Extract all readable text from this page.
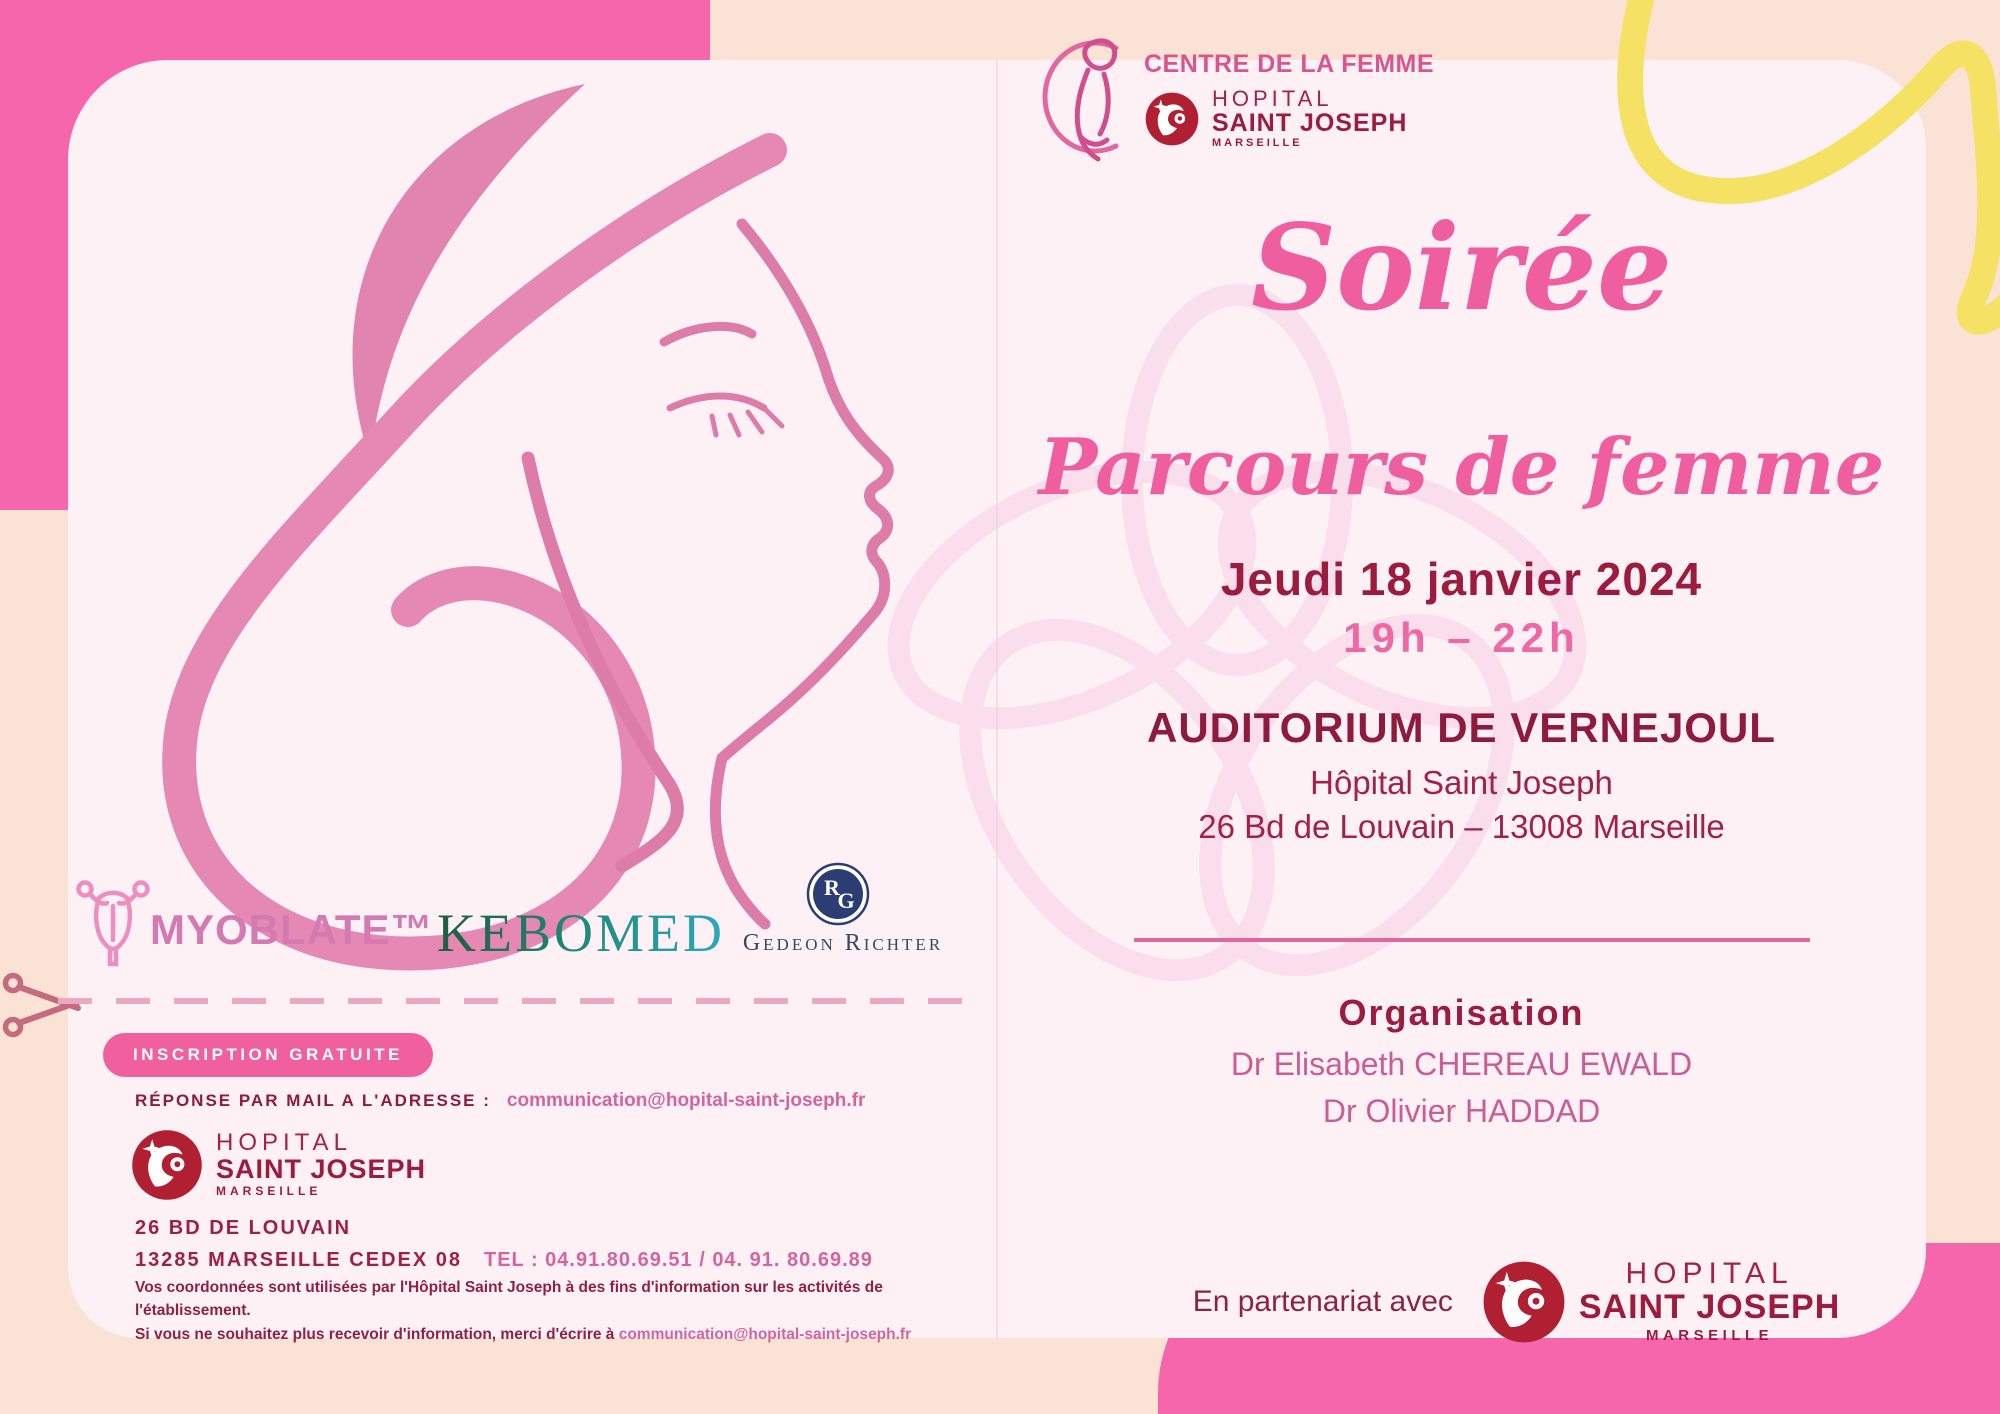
MYOBLATE™ KEBOMED
R
G
Gedeon Richter
INSCRIPTION GRATUITE
RÉPONSE PAR MAIL A L'ADRESSE : communication@hopital-saint-joseph.fr
HOPITAL
SAINT JOSEPH
MARSEILLE
26 BD DE LOUVAIN
13285 MARSEILLE CEDEX 08 TEL : 04.91.80.69.51 / 04. 91. 80.69.89
Vos coordonnées sont utilisées par l'Hôpital Saint Joseph à des fins d'information sur les activités de l'établissement.
Si vous ne souhaitez plus recevoir d'information, merci d'écrire à communication@hopital-saint-joseph.fr
CENTRE DE LA FEMME
HOPITAL
SAINT JOSEPH
MARSEILLE
Soirée
Parcours de femme
Jeudi 18 janvier 2024
19h – 22h
AUDITORIUM DE VERNEJOUL
Hôpital Saint Joseph
26 Bd de Louvain – 13008 Marseille
Organisation
Dr Elisabeth CHEREAU EWALD
Dr Olivier HADDAD
En partenariat avec
HOPITAL
SAINT JOSEPH
MARSEILLE
